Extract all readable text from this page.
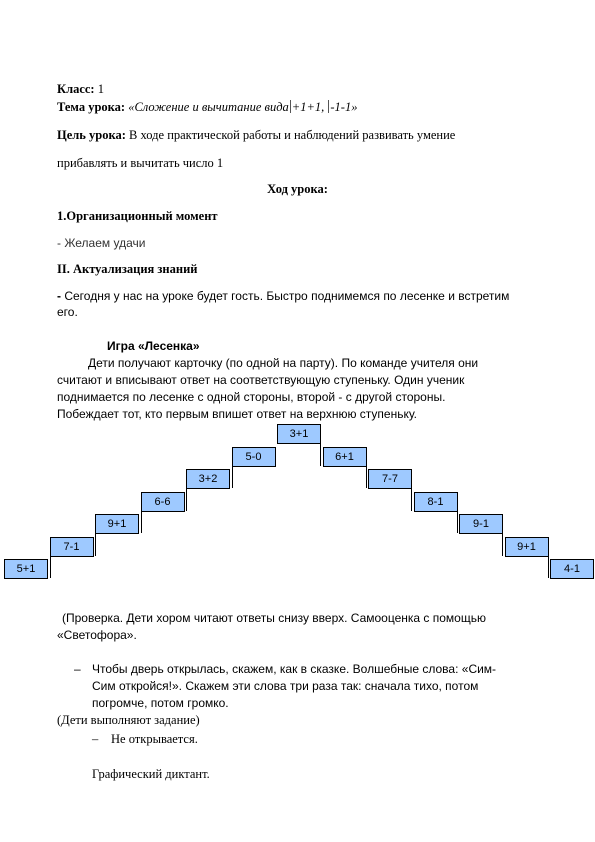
Класс: 1
Тема урока: «Сложение и вычитание вида +1+1, -1-1»
Цель урока: В ходе практической работы и наблюдений развивать умение
прибавлять и вычитать число 1
Ход урока:
1.Организационный момент
- Желаем удачи
II. Актуализация знаний
- Сегодня у нас на уроке будет гость. Быстро поднимемся по лесенке и встретим
его.
Игра «Лесенка»
Дети получают карточку (по одной на парту). По команде учителя они
считают и вписывают ответ на соответствующую ступеньку. Один ученик
поднимается по лесенке с одной стороны, второй - с другой стороны.
Побеждает тот, кто первым впишет ответ на верхнюю ступеньку.
5+1
7-1
9+1
6-6
3+2
5-0
3+1
6+1
7-7
8-1
9-1
9+1
4-1
(Проверка. Дети хором читают ответы снизу вверх. Самооценка с помощью
«Светофора».
– Чтобы дверь открылась, скажем, как в сказке. Волшебные слова: «Сим-
Сим откройся!». Скажем эти слова три раза так: сначала тихо, потом
погромче, потом громко.
(Дети выполняют задание)
– Не открывается.
Графический диктант.
